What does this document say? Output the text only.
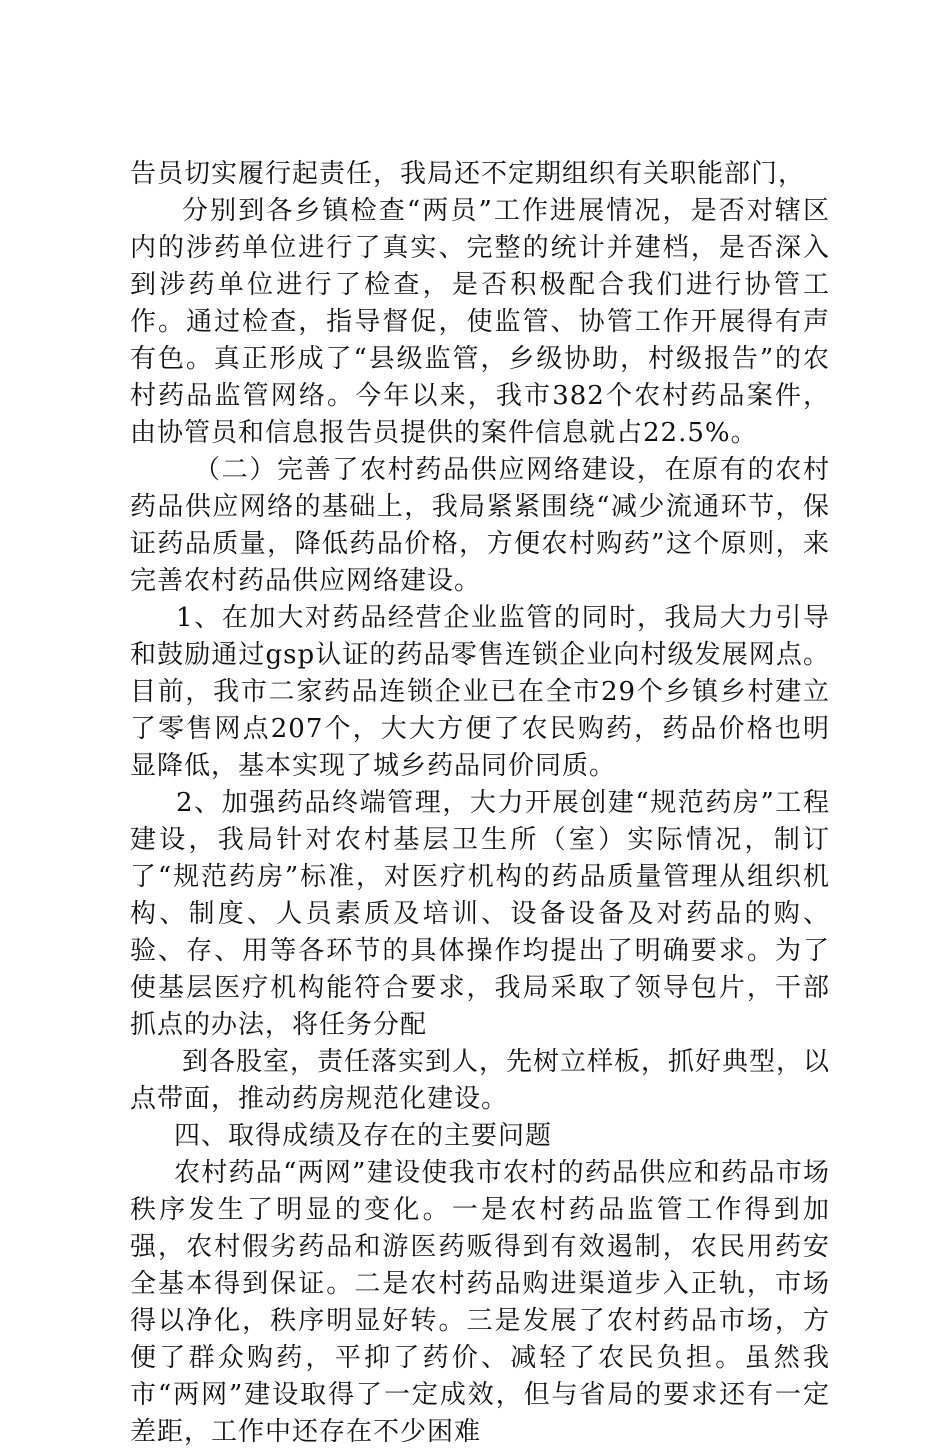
告员切实履行起责任，我局还不定期组织有关职能部门，

分别到各乡镇检查“两员”工作进展情况，是否对辖区内的涉药单位进行了真实、完整的统计并建档，是否深入到涉药单位进行了检查，是否积极配合我们进行协管工作。通过检查，指导督促，使监管、协管工作开展得有声有色。真正形成了“县级监管，乡级协助，村级报告”的农村药品监管网络。今年以来，我市382个农村药品案件，由协管员和信息报告员提供的案件信息就占22.5%。

（二）完善了农村药品供应网络建设，在原有的农村药品供应网络的基础上，我局紧紧围绕“减少流通环节，保证药品质量，降低药品价格，方便农村购药”这个原则，来完善农村药品供应网络建设。

1、在加大对药品经营企业监管的同时，我局大力引导和鼓励通过gsp认证的药品零售连锁企业向村级发展网点。目前，我市二家药品连锁企业已在全市29个乡镇乡村建立了零售网点207个，大大方便了农民购药，药品价格也明显降低，基本实现了城乡药品同价同质。

2、加强药品终端管理，大力开展创建“规范药房”工程建设，我局针对农村基层卫生所（室）实际情况，制订了“规范药房”标准，对医疗机构的药品质量管理从组织机构、制度、人员素质及培训、设备设备及对药品的购、验、存、用等各环节的具体操作均提出了明确要求。为了使基层医疗机构能符合要求，我局采取了领导包片，干部抓点的办法，将任务分配

到各股室，责任落实到人，先树立样板，抓好典型，以点带面，推动药房规范化建设。

四、取得成绩及存在的主要问题

农村药品“两网”建设使我市农村的药品供应和药品市场秩序发生了明显的变化。一是农村药品监管工作得到加强，农村假劣药品和游医药贩得到有效遏制，农民用药安全基本得到保证。二是农村药品购进渠道步入正轨，市场得以净化，秩序明显好转。三是发展了农村药品市场，方便了群众购药，平抑了药价、减轻了农民负担。虽然我市“两网”建设取得了一定成效，但与省局的要求还有一定差距，工作中还存在不少困难
